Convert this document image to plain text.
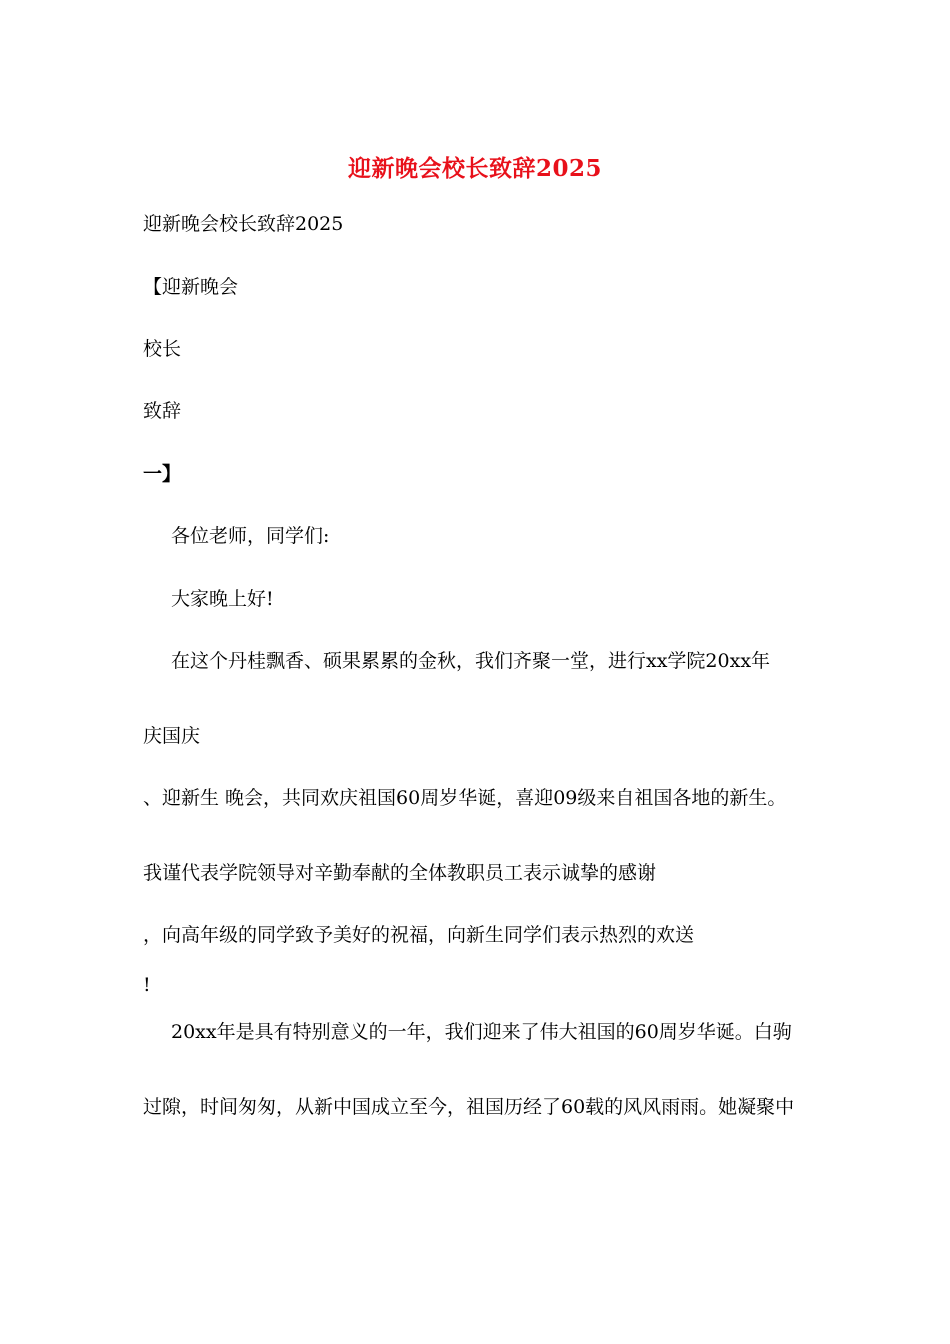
迎新晚会校长致辞2025
迎新晚会校长致辞2025
【迎新晚会
校长
致辞
一】
各位老师，同学们:
大家晚上好!
在这个丹桂飘香、硕果累累的金秋，我们齐聚一堂，进行xx学院20xx年
庆国庆
、迎新生 晚会，共同欢庆祖国60周岁华诞，喜迎09级来自祖国各地的新生。
我谨代表学院领导对辛勤奉献的全体教职员工表示诚挚的感谢
，向高年级的同学致予美好的祝福，向新生同学们表示热烈的欢送
!
20xx年是具有特别意义的一年，我们迎来了伟大祖国的60周岁华诞。白驹
过隙，时间匆匆，从新中国成立至今，祖国历经了60载的风风雨雨。她凝聚中
